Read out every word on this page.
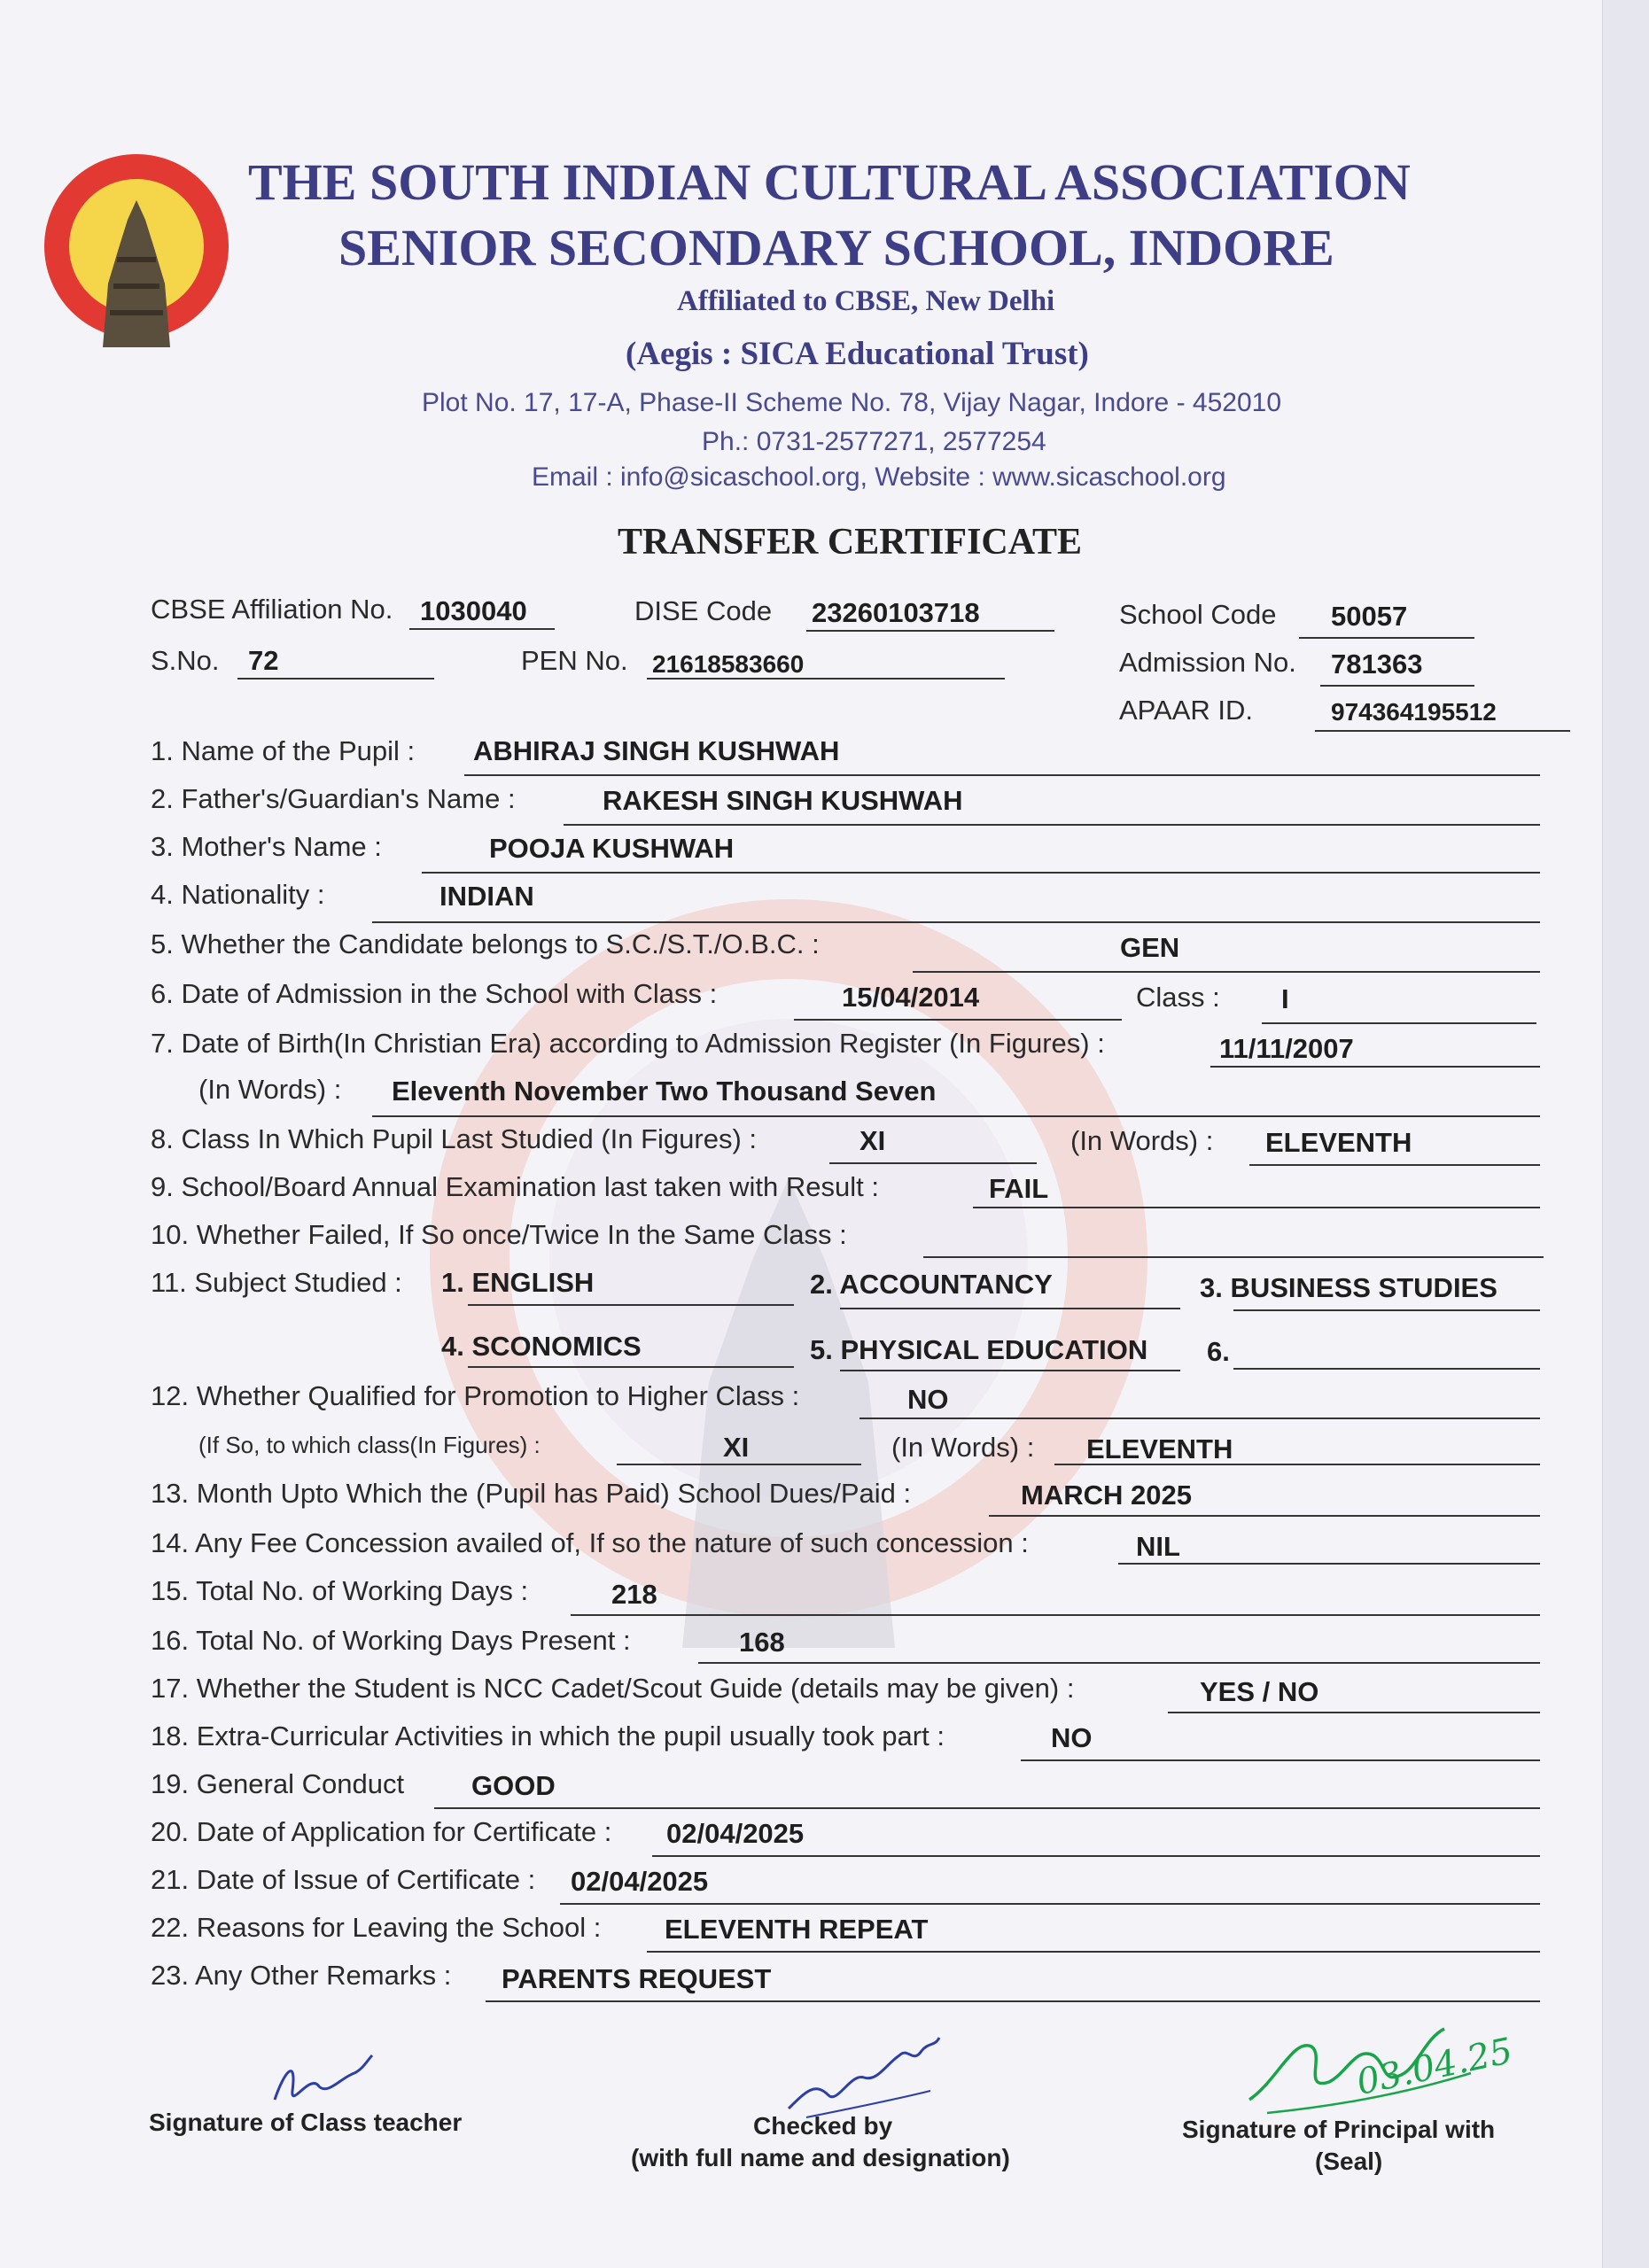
THE SOUTH INDIAN CULTURAL ASSOCIATION
SENIOR SECONDARY SCHOOL, INDORE
Affiliated to CBSE, New Delhi
(Aegis : SICA Educational Trust)
Plot No. 17, 17-A, Phase-II Scheme No. 78, Vijay Nagar, Indore - 452010
Ph.: 0731-2577271, 2577254
Email : info@sicaschool.org, Website : www.sicaschool.org
TRANSFER CERTIFICATE
CBSE Affiliation No. 1030040	DISE Code 23260103718	School Code 50057
S.No. 72	PEN No. 21618583660	Admission No. 781363
APAAR ID.	974364195512
1. Name of the Pupil : ABHIRAJ SINGH KUSHWAH
2. Father's/Guardian's Name :	RAKESH SINGH KUSHWAH
3. Mother's Name :	POOJA KUSHWAH
4. Nationality :	INDIAN
5. Whether the Candidate belongs to S.C./S.T./O.B.C. :	GEN
6. Date of Admission in the School with Class :	15/04/2014	Class : I
7. Date of Birth(In Christian Era) according to Admission Register (In Figures) :	11/11/2007
(In Words) : Eleventh November Two Thousand Seven
8. Class In Which Pupil Last Studied (In Figures) :	XI	(In Words) : ELEVENTH
9. School/Board Annual Examination last taken with Result :	FAIL
10. Whether Failed, If So once/Twice In the Same Class :
11. Subject Studied : 1. ENGLISH	2. ACCOUNTANCY	3. BUSINESS STUDIES
4. SCONOMICS	5. PHYSICAL EDUCATION 6.
12. Whether Qualified for Promotion to Higher Class :	NO
(If So, to which class(In Figures) :	XI	(In Words) : ELEVENTH
13. Month Upto Which the (Pupil has Paid) School Dues/Paid :	MARCH 2025
14. Any Fee Concession availed of, If so the nature of such concession :	NIL
15. Total No. of Working Days :	218
16. Total No. of Working Days Present :	168
17. Whether the Student is NCC Cadet/Scout Guide (details may be given) :	YES / NO
18. Extra-Curricular Activities in which the pupil usually took part :	NO
19. General Conduct GOOD
20. Date of Application for Certificate : 02/04/2025
21. Date of Issue of Certificate : 02/04/2025
22. Reasons for Leaving the School : ELEVENTH REPEAT
23. Any Other Remarks : PARENTS REQUEST
03.04.25
Signature of Class teacher	Checked by
(with full name and designation)
Signature of Principal with
(Seal)
